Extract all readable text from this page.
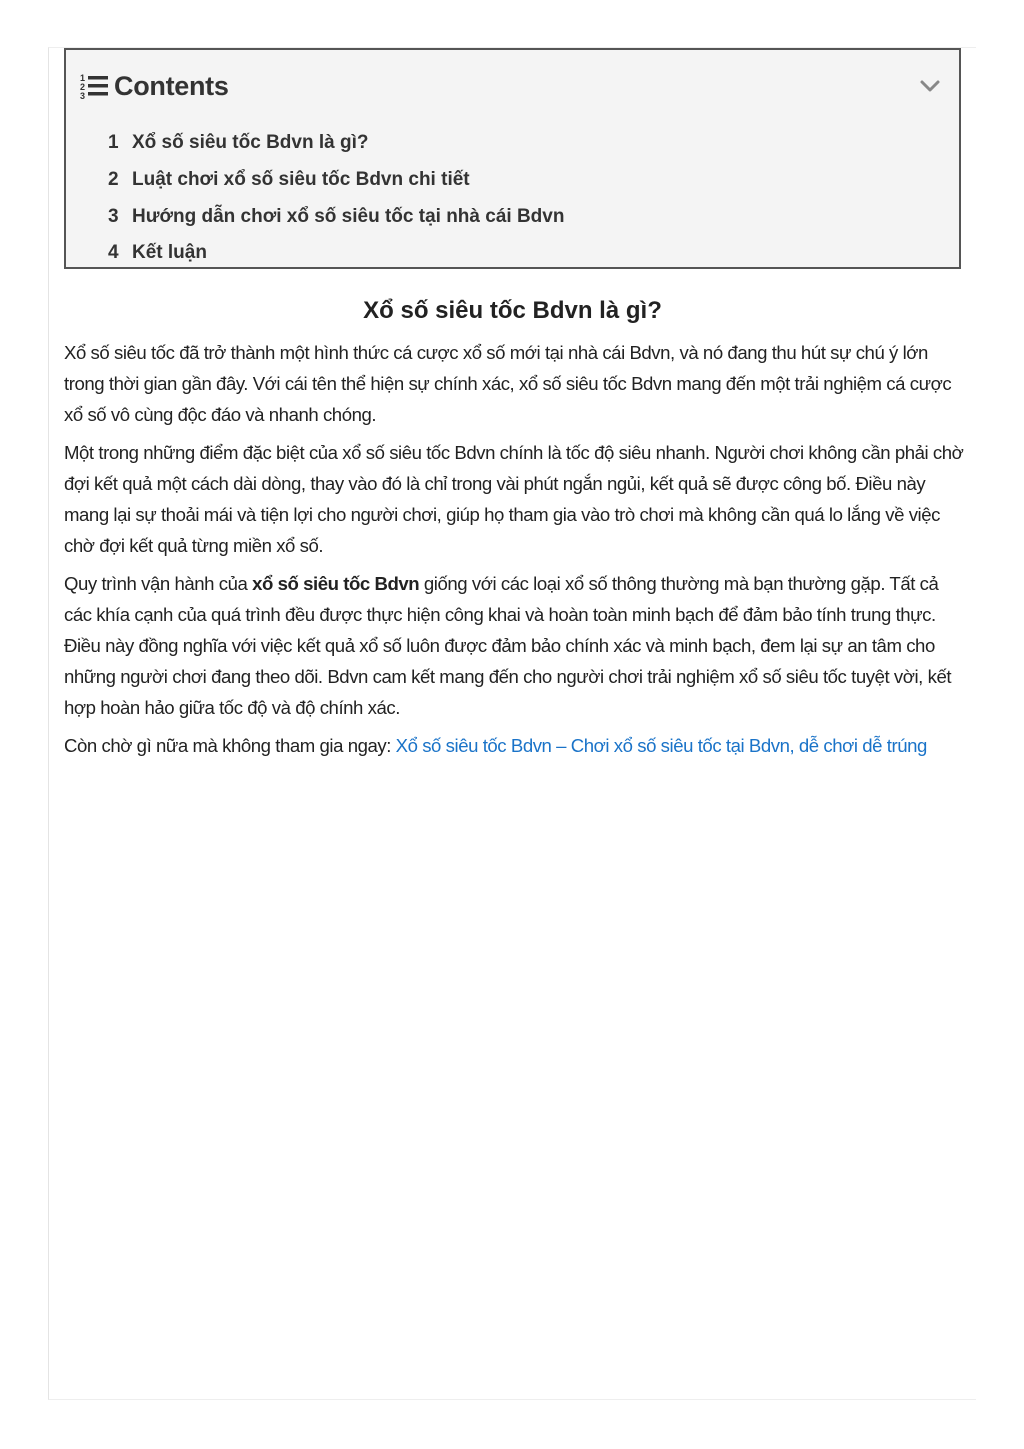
1
2
3 Contents
1 Xổ số siêu tốc Bdvn là gì?
2 Luật chơi xổ số siêu tốc Bdvn chi tiết
3 Hướng dẫn chơi xổ số siêu tốc tại nhà cái Bdvn
4 Kết luận
Xổ số siêu tốc Bdvn là gì?

Xổ số siêu tốc đã trở thành một hình thức cá cược xổ số mới tại nhà cái Bdvn, và nó đang thu hút sự chú ý lớn trong thời gian gần đây. Với cái tên thể hiện sự chính xác, xổ số siêu tốc Bdvn mang đến một trải nghiệm cá cược xổ số vô cùng độc đáo và nhanh chóng.

Một trong những điểm đặc biệt của xổ số siêu tốc Bdvn chính là tốc độ siêu nhanh. Người chơi không cần phải chờ đợi kết quả một cách dài dòng, thay vào đó là chỉ trong vài phút ngắn ngủi, kết quả sẽ được công bố. Điều này mang lại sự thoải mái và tiện lợi cho người chơi, giúp họ tham gia vào trò chơi mà không cần quá lo lắng về việc chờ đợi kết quả từng miền xổ số.

Quy trình vận hành của xổ số siêu tốc Bdvn giống với các loại xổ số thông thường mà bạn thường gặp. Tất cả các khía cạnh của quá trình đều được thực hiện công khai và hoàn toàn minh bạch để đảm bảo tính trung thực. Điều này đồng nghĩa với việc kết quả xổ số luôn được đảm bảo chính xác và minh bạch, đem lại sự an tâm cho những người chơi đang theo dõi. Bdvn cam kết mang đến cho người chơi trải nghiệm xổ số siêu tốc tuyệt vời, kết hợp hoàn hảo giữa tốc độ và độ chính xác.

Còn chờ gì nữa mà không tham gia ngay: Xổ số siêu tốc Bdvn – Chơi xổ số siêu tốc tại Bdvn, dễ chơi dễ trúng
